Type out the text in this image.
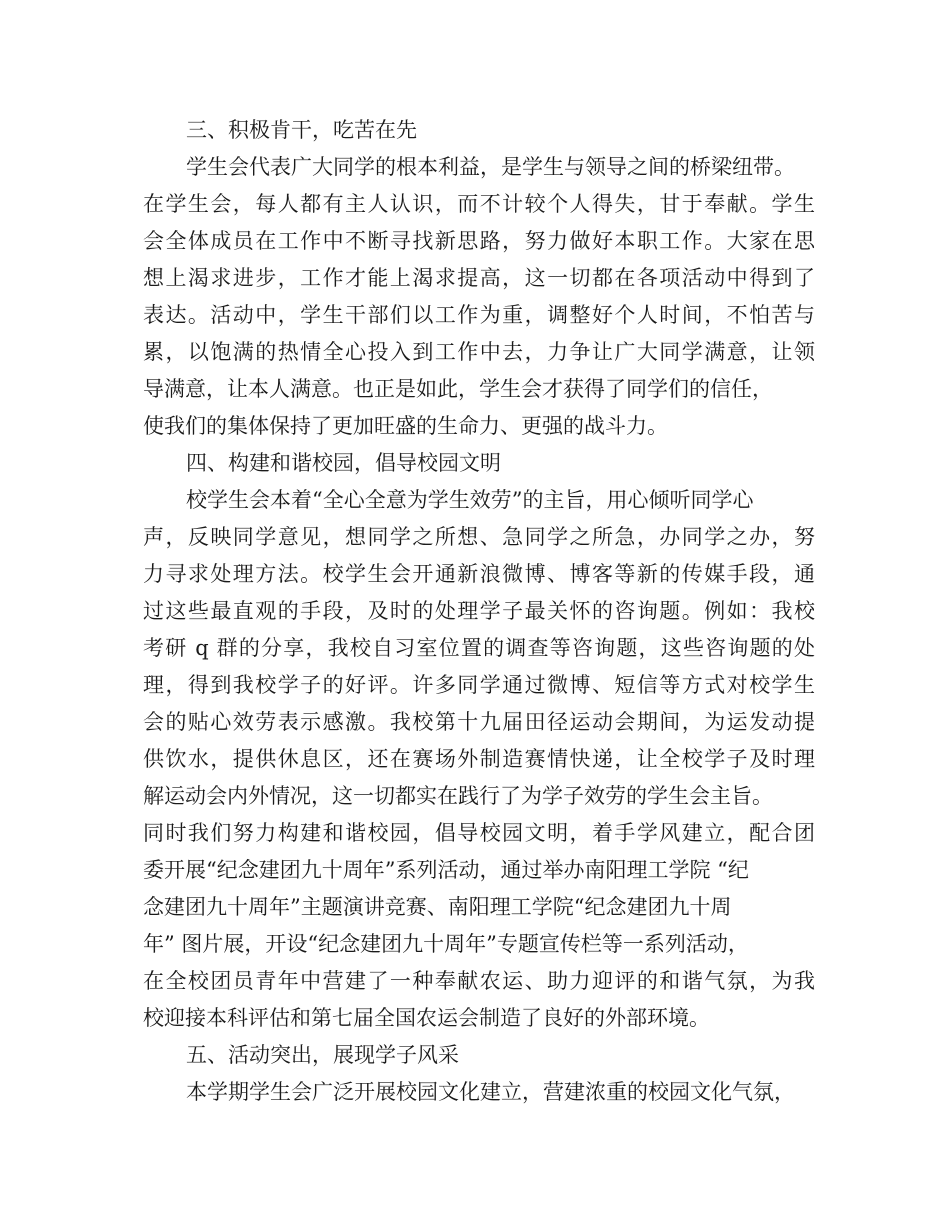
三、积极肯干，吃苦在先
学生会代表广大同学的根本利益，是学生与领导之间的桥梁纽带。
在学生会，每人都有主人认识，而不计较个人得失，甘于奉献。学生
会全体成员在工作中不断寻找新思路，努力做好本职工作。大家在思
想上渴求进步，工作才能上渴求提高，这一切都在各项活动中得到了
表达。活动中，学生干部们以工作为重，调整好个人时间，不怕苦与
累，以饱满的热情全心投入到工作中去，力争让广大同学满意，让领
导满意，让本人满意。也正是如此，学生会才获得了同学们的信任，
使我们的集体保持了更加旺盛的生命力、更强的战斗力。
四、构建和谐校园，倡导校园文明
校学生会本着“全心全意为学生效劳”的主旨，用心倾听同学心
声，反映同学意见，想同学之所想、急同学之所急，办同学之办，努
力寻求处理方法。校学生会开通新浪微博、博客等新的传媒手段，通
过这些最直观的手段，及时的处理学子最关怀的咨询题。例如：我校
考研 q 群的分享，我校自习室位置的调查等咨询题，这些咨询题的处
理，得到我校学子的好评。许多同学通过微博、短信等方式对校学生
会的贴心效劳表示感激。我校第十九届田径运动会期间，为运发动提
供饮水，提供休息区，还在赛场外制造赛情快递，让全校学子及时理
解运动会内外情况，这一切都实在践行了为学子效劳的学生会主旨。
同时我们努力构建和谐校园，倡导校园文明，着手学风建立，配合团
委开展“纪念建团九十周年”系列活动，通过举办南阳理工学院 “纪
念建团九十周年”主题演讲竞赛、南阳理工学院“纪念建团九十周
年” 图片展，开设“纪念建团九十周年”专题宣传栏等一系列活动，
在全校团员青年中营建了一种奉献农运、助力迎评的和谐气氛，为我
校迎接本科评估和第七届全国农运会制造了良好的外部环境。
五、活动突出，展现学子风采
本学期学生会广泛开展校园文化建立，营建浓重的校园文化气氛，
